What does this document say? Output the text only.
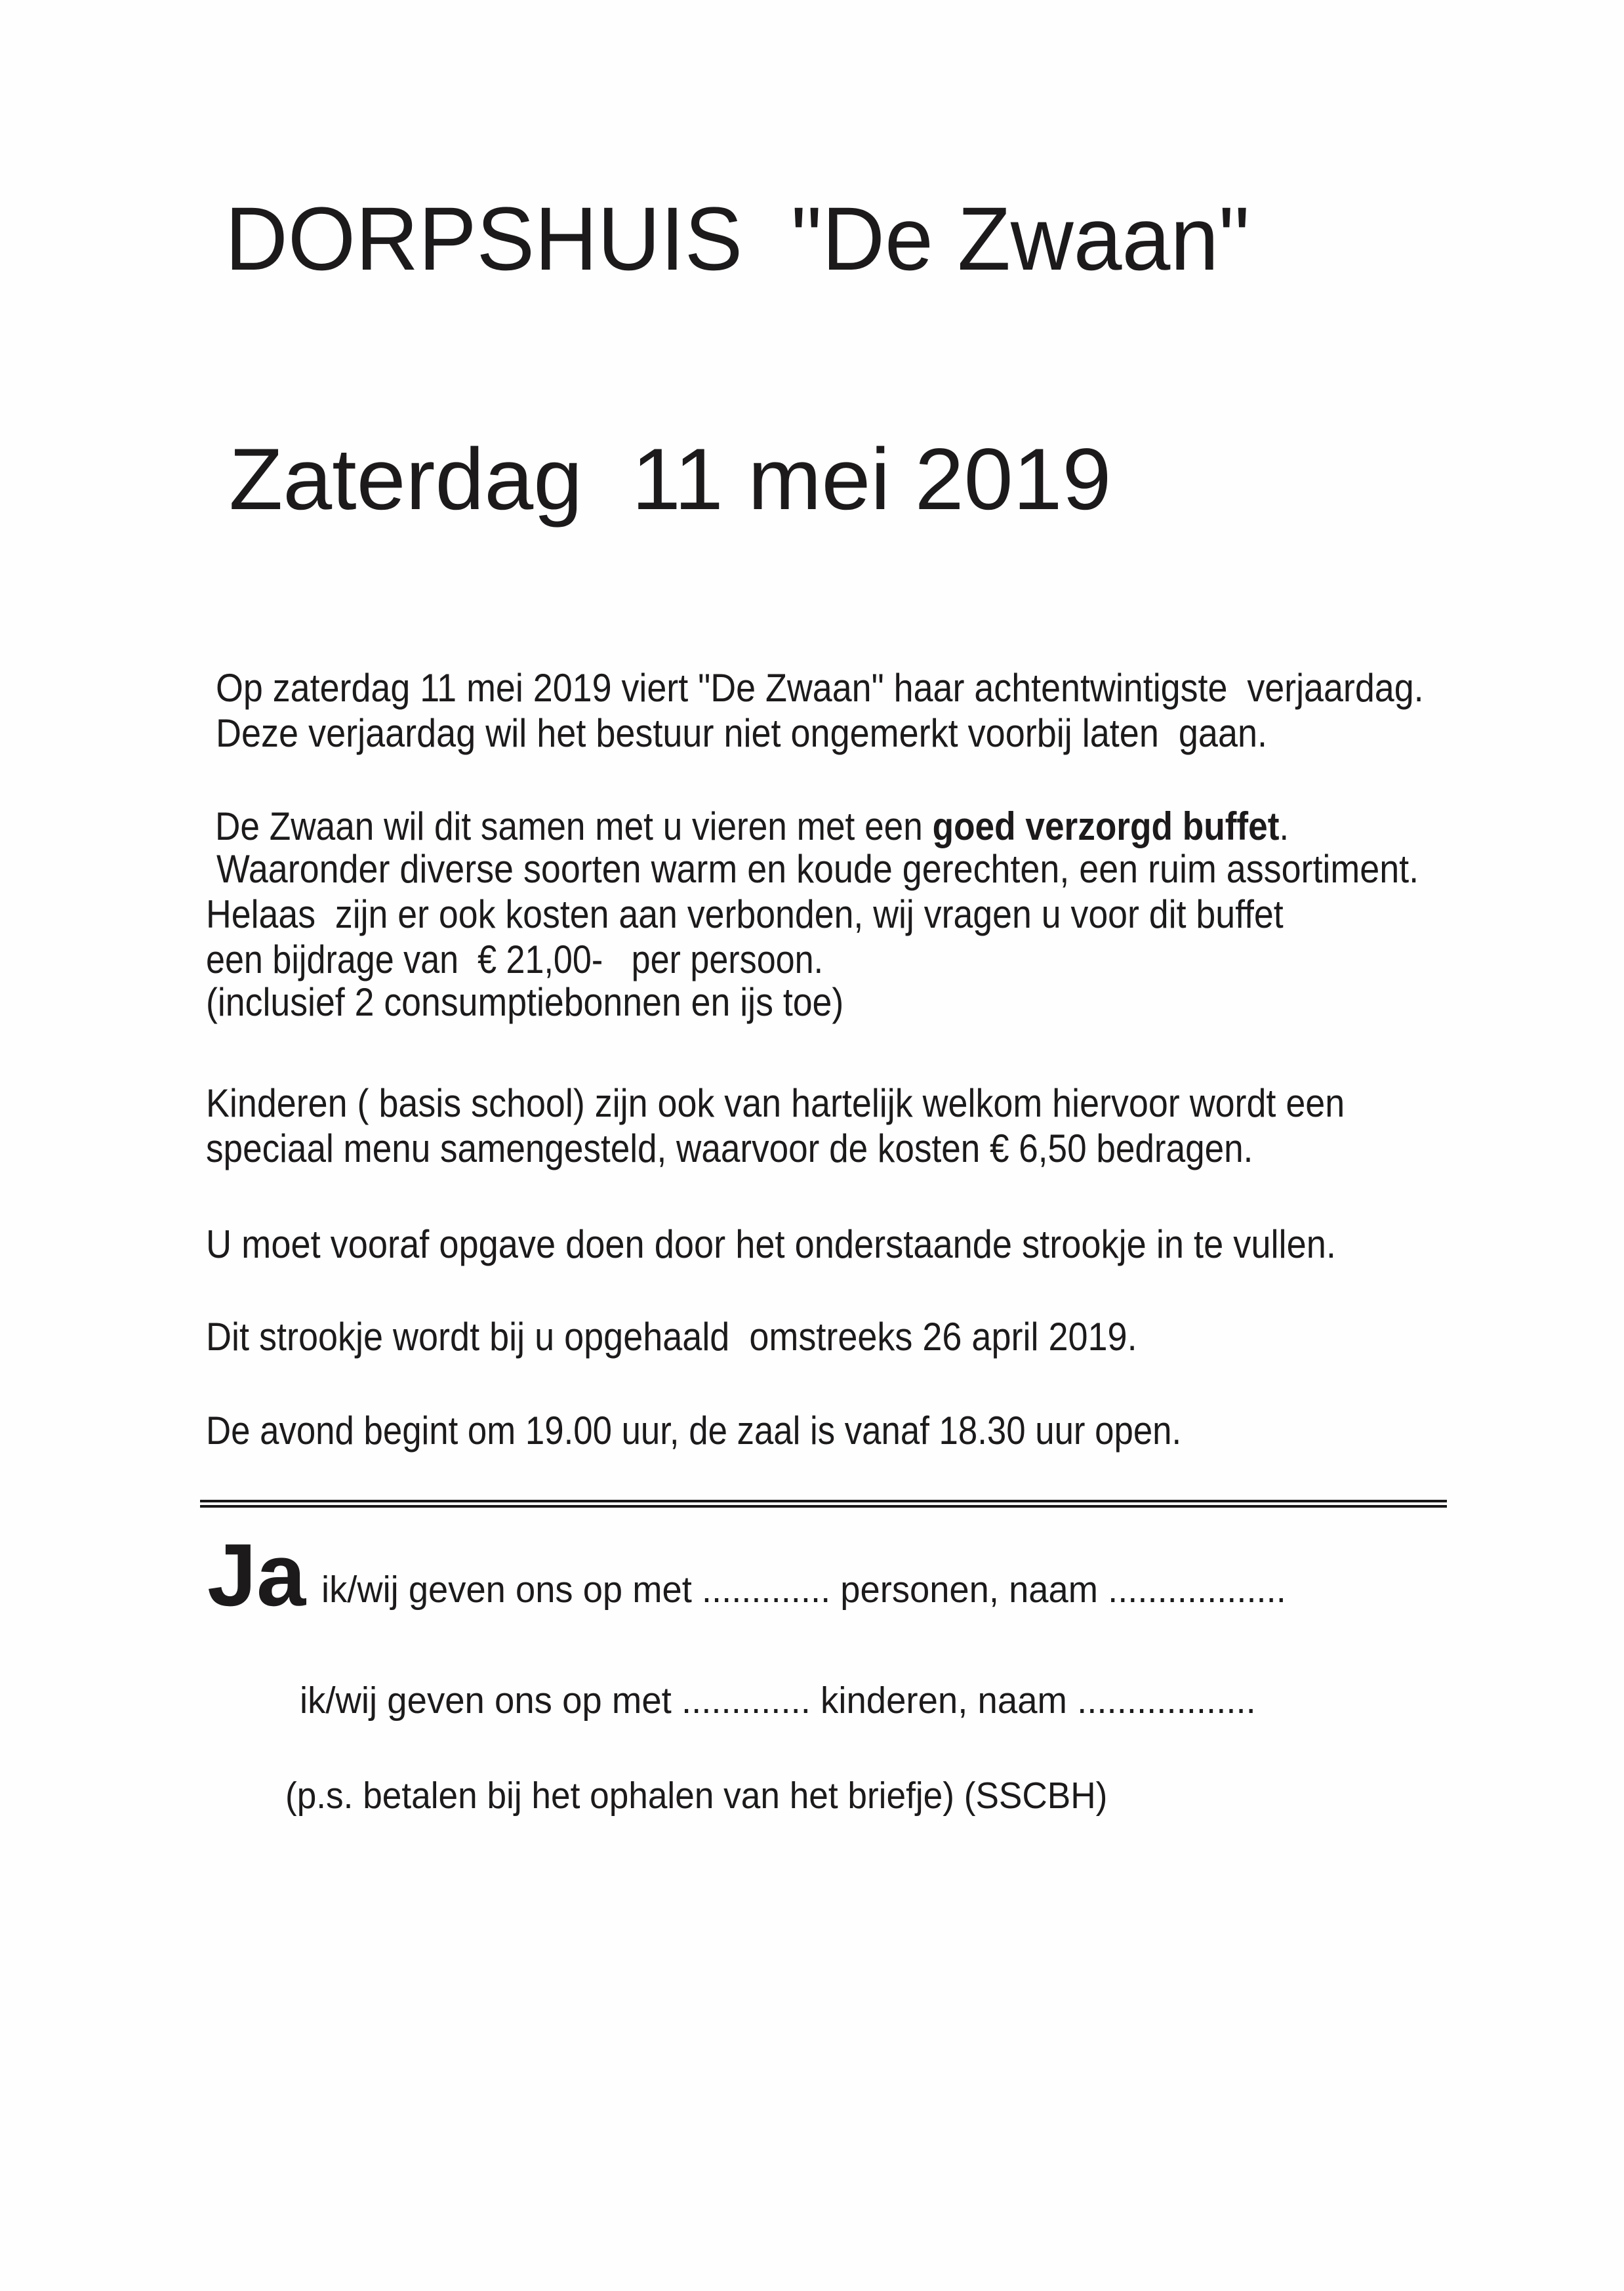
DORPSHUIS  "De Zwaan"
Zaterdag  11 mei 2019
Op zaterdag 11 mei 2019 viert "De Zwaan" haar achtentwintigste  verjaardag.
Deze verjaardag wil het bestuur niet ongemerkt voorbij laten  gaan.
De Zwaan wil dit samen met u vieren met een goed verzorgd buffet.
Waaronder diverse soorten warm en koude gerechten, een ruim assortiment.
Helaas  zijn er ook kosten aan verbonden, wij vragen u voor dit buffet
een bijdrage van  € 21,00-   per persoon.
(inclusief 2 consumptiebonnen en ijs toe)
Kinderen ( basis school) zijn ook van hartelijk welkom hiervoor wordt een
speciaal menu samengesteld, waarvoor de kosten € 6,50 bedragen.
U moet vooraf opgave doen door het onderstaande strookje in te vullen.
Dit strookje wordt bij u opgehaald  omstreeks 26 april 2019.
De avond begint om 19.00 uur, de zaal is vanaf 18.30 uur open.
Ja ik/wij geven ons op met ............. personen, naam ..................
ik/wij geven ons op met ............. kinderen, naam ..................
(p.s. betalen bij het ophalen van het briefje) (SSCBH)
